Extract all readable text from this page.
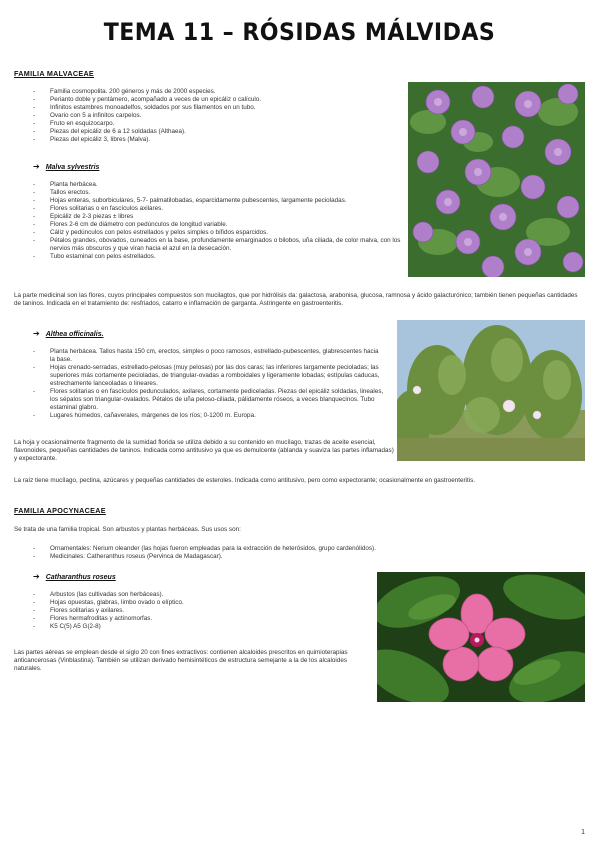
TEMA 11 – RÓSIDAS MÁLVIDAS
FAMILIA MALVACEAE
- Familia cosmopolita. 200 géneros y más de 2000 especies.
- Perianto doble y pentámero, acompañado a veces de un epicáliz o calículo.
- Infinitos estambres monoadelfos, soldados por sus filamentos en un tubo.
- Ovario con 5 a infinitos carpelos.
- Fruto en esquizocarpo.
- Piezas del epicáliz de 6 a 12 soldadas (Althaea).
- Piezas del epicáliz 3, libres (Malva).
➔ Malva sylvestris
- Planta herbácea.
- Tallos erectos.
- Hojas enteras, suborbiculares, 5-7- palmatilobadas, esparcidamente pubescentes, largamente pecioladas.
- Flores solitarias o en fascículos axilares.
- Epicáliz de 2-3 piezas ± libres
- Flores 2-6 cm de diámetro con pedúnculos de longitud variable.
- Cáliz y pedúnculos con pelos estrellados y pelos simples o bífidos esparcidos.
- Pétalos grandes, obovados, cuneados en la base, profundamente emarginados o bilobos, uña ciliada, de color malva, con los nervios más obscuros y que viran hacia el azul en la desecación.
- Tubo estaminal con pelos estrellados.

La parte medicinal son las flores, cuyos principales compuestos son mucilagtos, que por hidrólisis da: galactosa, arabonisa, glucosa, ramnosa y ácido galacturónico; también tienen pequeñas cantidades de taninos. Indicada en el tratamiento de: resfriados, catarro e inflamación de garganta. Astringente en gastroenteritis.

➔ Althea officinalis.
- Planta herbácea. Tallos hasta 150 cm, erectos, simples o poco ramosos, estrellado-pubescentes, glabrescentes hacia la base.
- Hojas crenado-serradas, estrellado-pelosas (muy pelosas) por las dos caras; las inferiores largamente pecioladas; las superiores más cortamente pecioladas, de triangular-ovadas a romboidales y ligeramente lobadas; estípulas caducas, estrechamente lanceoladas o lineares.
- Flores solitarias o en fascículos pedunculados, axilares, cortamente pediceladas. Piezas del epicáliz soldadas, lineales, los sépalos son triangular-ovalados. Pétalos de uña peloso-ciliada, pálidamente róseos, a veces blanquecinos. Tubo estaminal glabro.
- Lugares húmedos, cañaverales, márgenes de los ríos; 0-1200 m. Europa.

La hoja y ocasionalmente fragmento de la sumidad florida se utiliza debido a su contenido en mucílago, trazas de aceite esencial, flavonoides, pequeñas cantidades de taninos. Indicada como antitusivo ya que es demulcente (ablanda y suaviza las partes inflamadas) y expectorante.

La raíz tiene mucílago, pectina, azúcares y pequeñas cantidades de esteroles. Indicada como antitusivo, pero como expectorante; ocasionalmente en gastroenteritis.

FAMILIA APOCYNACEAE

Se trata de una familia tropical. Son arbustos y plantas herbáceas. Sus usos son:

- Ornamentales: Nerium oleander (las hojas fueron empleadas para la extracción de heterósidos, grupo cardenólidos).
- Medicinales: Catheranthus roseus (Pervinca de Madagascar).
➔ Catharanthus roseus
- Arbustos (las cultivadas son herbáceas).
- Hojas opuestas, glabras, limbo ovado o elíptico.
- Flores solitarias y axilares.
- Flores hermafroditas y actinomorfas.
- K5 C(5) A5 G(2-8)

Las partes aéreas se emplean desde el siglo 20 con fines extractivos: contienen alcaloides prescritos en quimioterapias anticancerosas (Vinblastina). También se utilizan derivado hemisintéticos de estructura semejante a la de los alcaloides naturales.

1
